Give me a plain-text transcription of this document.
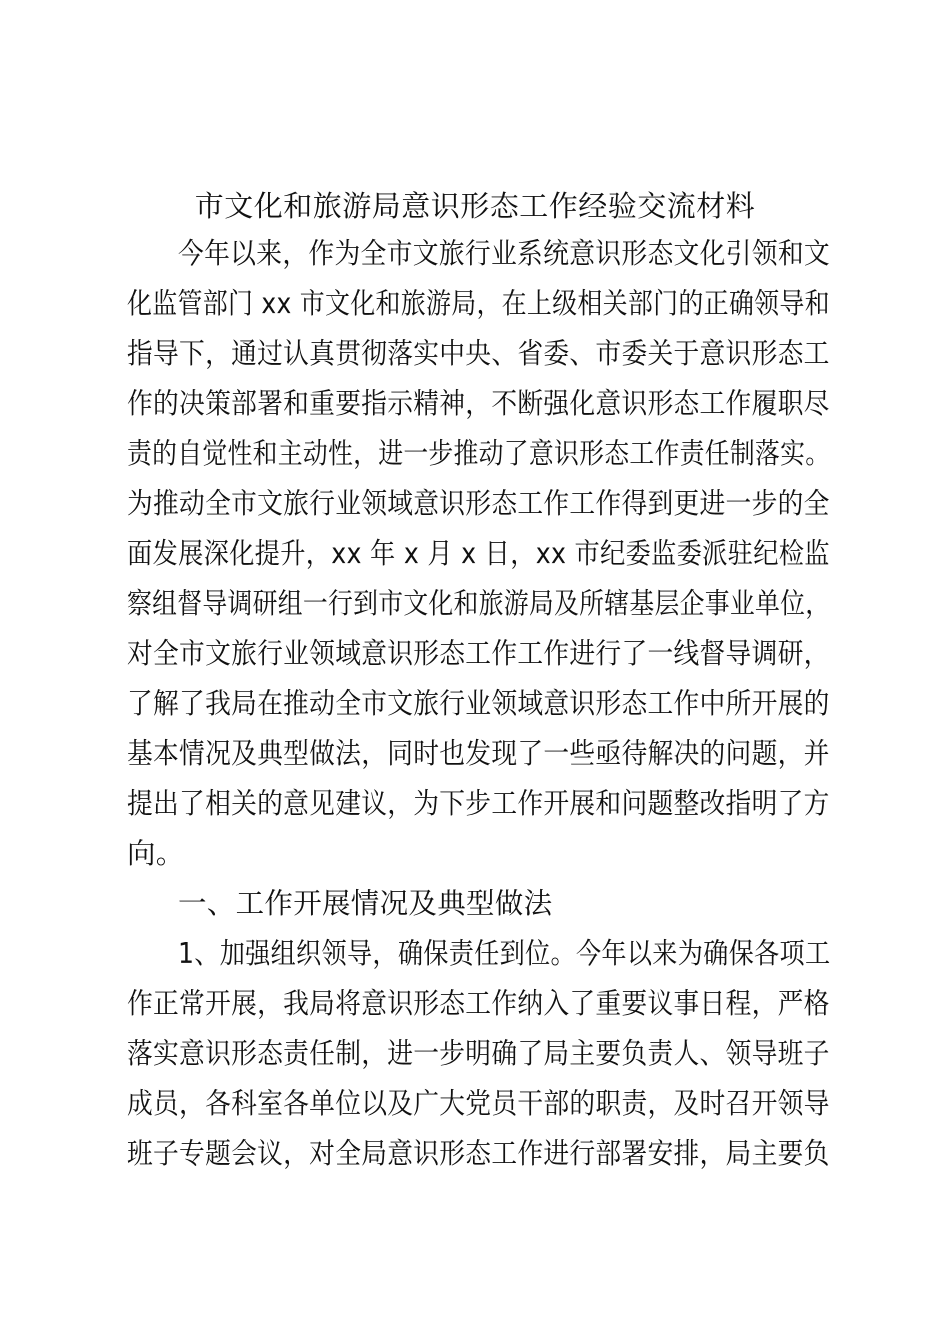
市文化和旅游局意识形态工作经验交流材料
今年以来，作为全市文旅行业系统意识形态文化引领和文
化监管部门 xx 市文化和旅游局，在上级相关部门的正确领导和
指导下，通过认真贯彻落实中央、省委、市委关于意识形态工
作的决策部署和重要指示精神，不断强化意识形态工作履职尽
责的自觉性和主动性，进一步推动了意识形态工作责任制落实。
为推动全市文旅行业领域意识形态工作工作得到更进一步的全
面发展深化提升，xx 年 x 月 x 日，xx 市纪委监委派驻纪检监
察组督导调研组一行到市文化和旅游局及所辖基层企事业单位，
对全市文旅行业领域意识形态工作工作进行了一线督导调研，
了解了我局在推动全市文旅行业领域意识形态工作中所开展的
基本情况及典型做法，同时也发现了一些亟待解决的问题，并
提出了相关的意见建议，为下步工作开展和问题整改指明了方
向。
一、工作开展情况及典型做法
1、加强组织领导，确保责任到位。今年以来为确保各项工
作正常开展，我局将意识形态工作纳入了重要议事日程，严格
落实意识形态责任制，进一步明确了局主要负责人、领导班子
成员，各科室各单位以及广大党员干部的职责，及时召开领导
班子专题会议，对全局意识形态工作进行部署安排，局主要负
